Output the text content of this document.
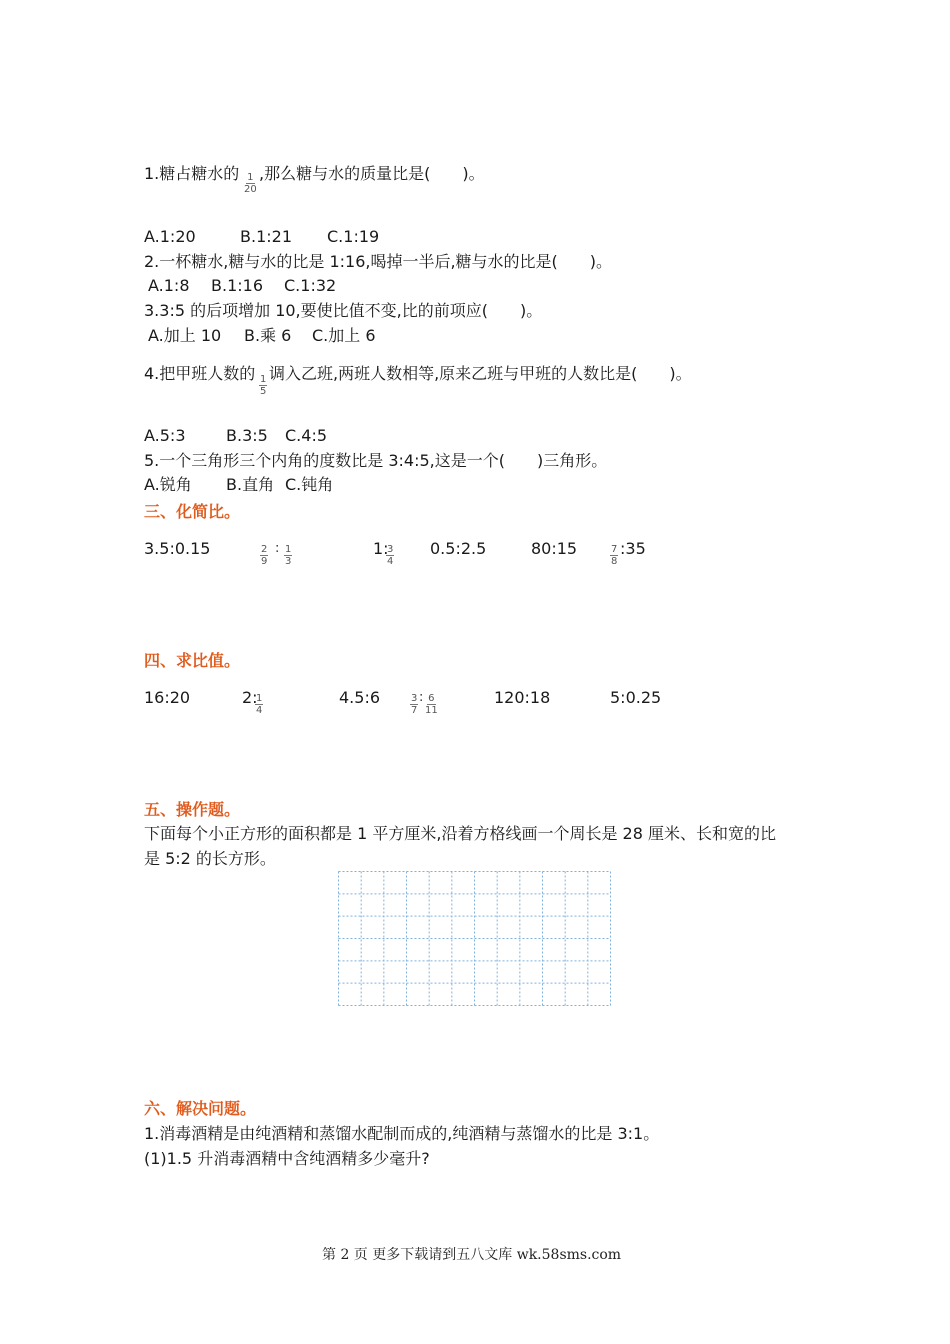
1.糖占糖水的 $\frac{1}{20}$ ,那么糖与水的质量比是(　　)。
A.1:20	B.1:21 C.1:19
2.一杯糖水,糖与水的比是 1:16,喝掉一半后,糖与水的比是(　　)。
A.1:8 B.1:16 C.1:32
3.3:5 的后项增加 10,要使比值不变,比的前项应(　　)。
A.加上 10 B.乘 6 C.加上 6
4.把甲班人数的
$\frac{1}{5}$
调入乙班,两班人数相等,原来乙班与甲班的人数比是(　　)。
A.5:3	B.3:5 C.4:5
5.一个三角形三个内角的度数比是 3:4:5,这是一个(　　)三角形。
A.锐角 B.直角 C.钝角
三、化简比。
3.5:0.15	$\frac{2}{9}$ : $\frac{1}{3}$	1:
$\frac{3}{4}$ 0.5:2.5	80:15	$\frac{7}{8}$ :35
四、求比值。
16:20	2:
$\frac{1}{4}$	4.5:6	$\frac{3}{7}$ : $\frac{6}{11}$	120:18	5:0.25
五、操作题。
下面每个小正方形的面积都是 1 平方厘米,沿着方格线画一个周长是 28 厘米、长和宽的比
是 5:2 的长方形。
六、解决问题。
1.消毒酒精是由纯酒精和蒸馏水配制而成的,纯酒精与蒸馏水的比是 3:1。
(1)1.5 升消毒酒精中含纯酒精多少毫升?
第 2 页 更多下载请到五八文库 wk.58sms.com
